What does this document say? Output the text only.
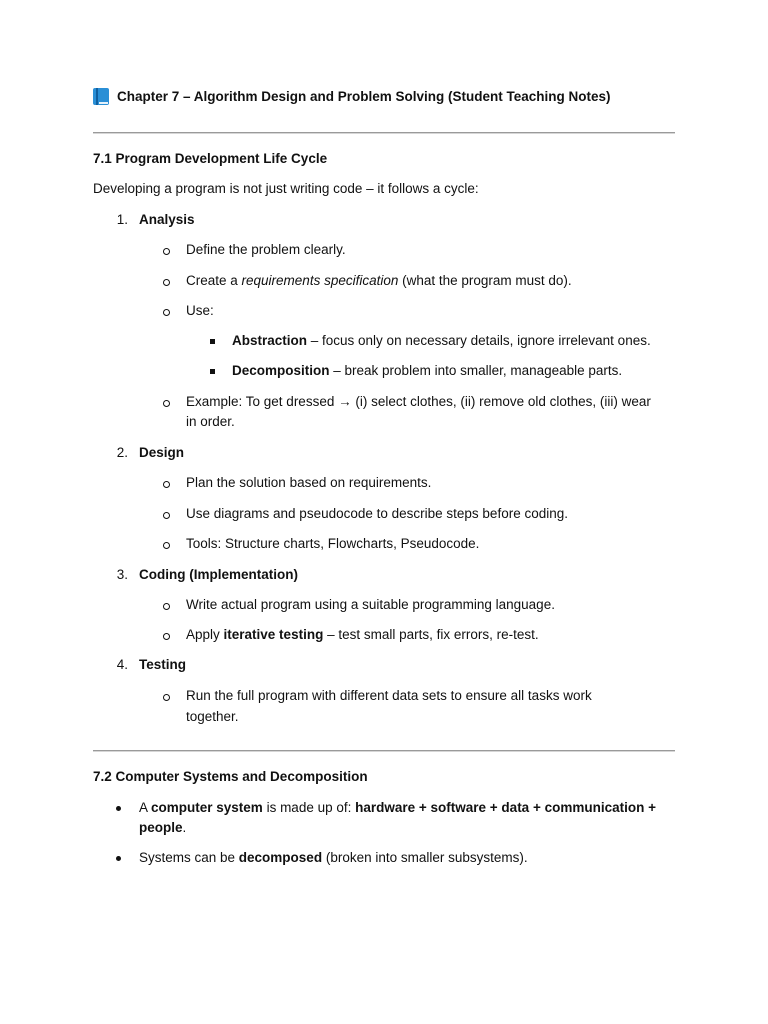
Chapter 7 – Algorithm Design and Problem Solving (Student Teaching Notes)
7.1 Program Development Life Cycle
Developing a program is not just writing code – it follows a cycle:
1. Analysis
Define the problem clearly.
Create a requirements specification (what the program must do).
Use:
Abstraction – focus only on necessary details, ignore irrelevant ones.
Decomposition – break problem into smaller, manageable parts.
Example: To get dressed → (i) select clothes, (ii) remove old clothes, (iii) wear
in order.
2. Design
Plan the solution based on requirements.
Use diagrams and pseudocode to describe steps before coding.
Tools: Structure charts, Flowcharts, Pseudocode.
3. Coding (Implementation)
Write actual program using a suitable programming language.
Apply iterative testing – test small parts, fix errors, re-test.
4. Testing
Run the full program with different data sets to ensure all tasks work
together.
7.2 Computer Systems and Decomposition
A computer system is made up of: hardware + software + data + communication +
people.
Systems can be decomposed (broken into smaller subsystems).
